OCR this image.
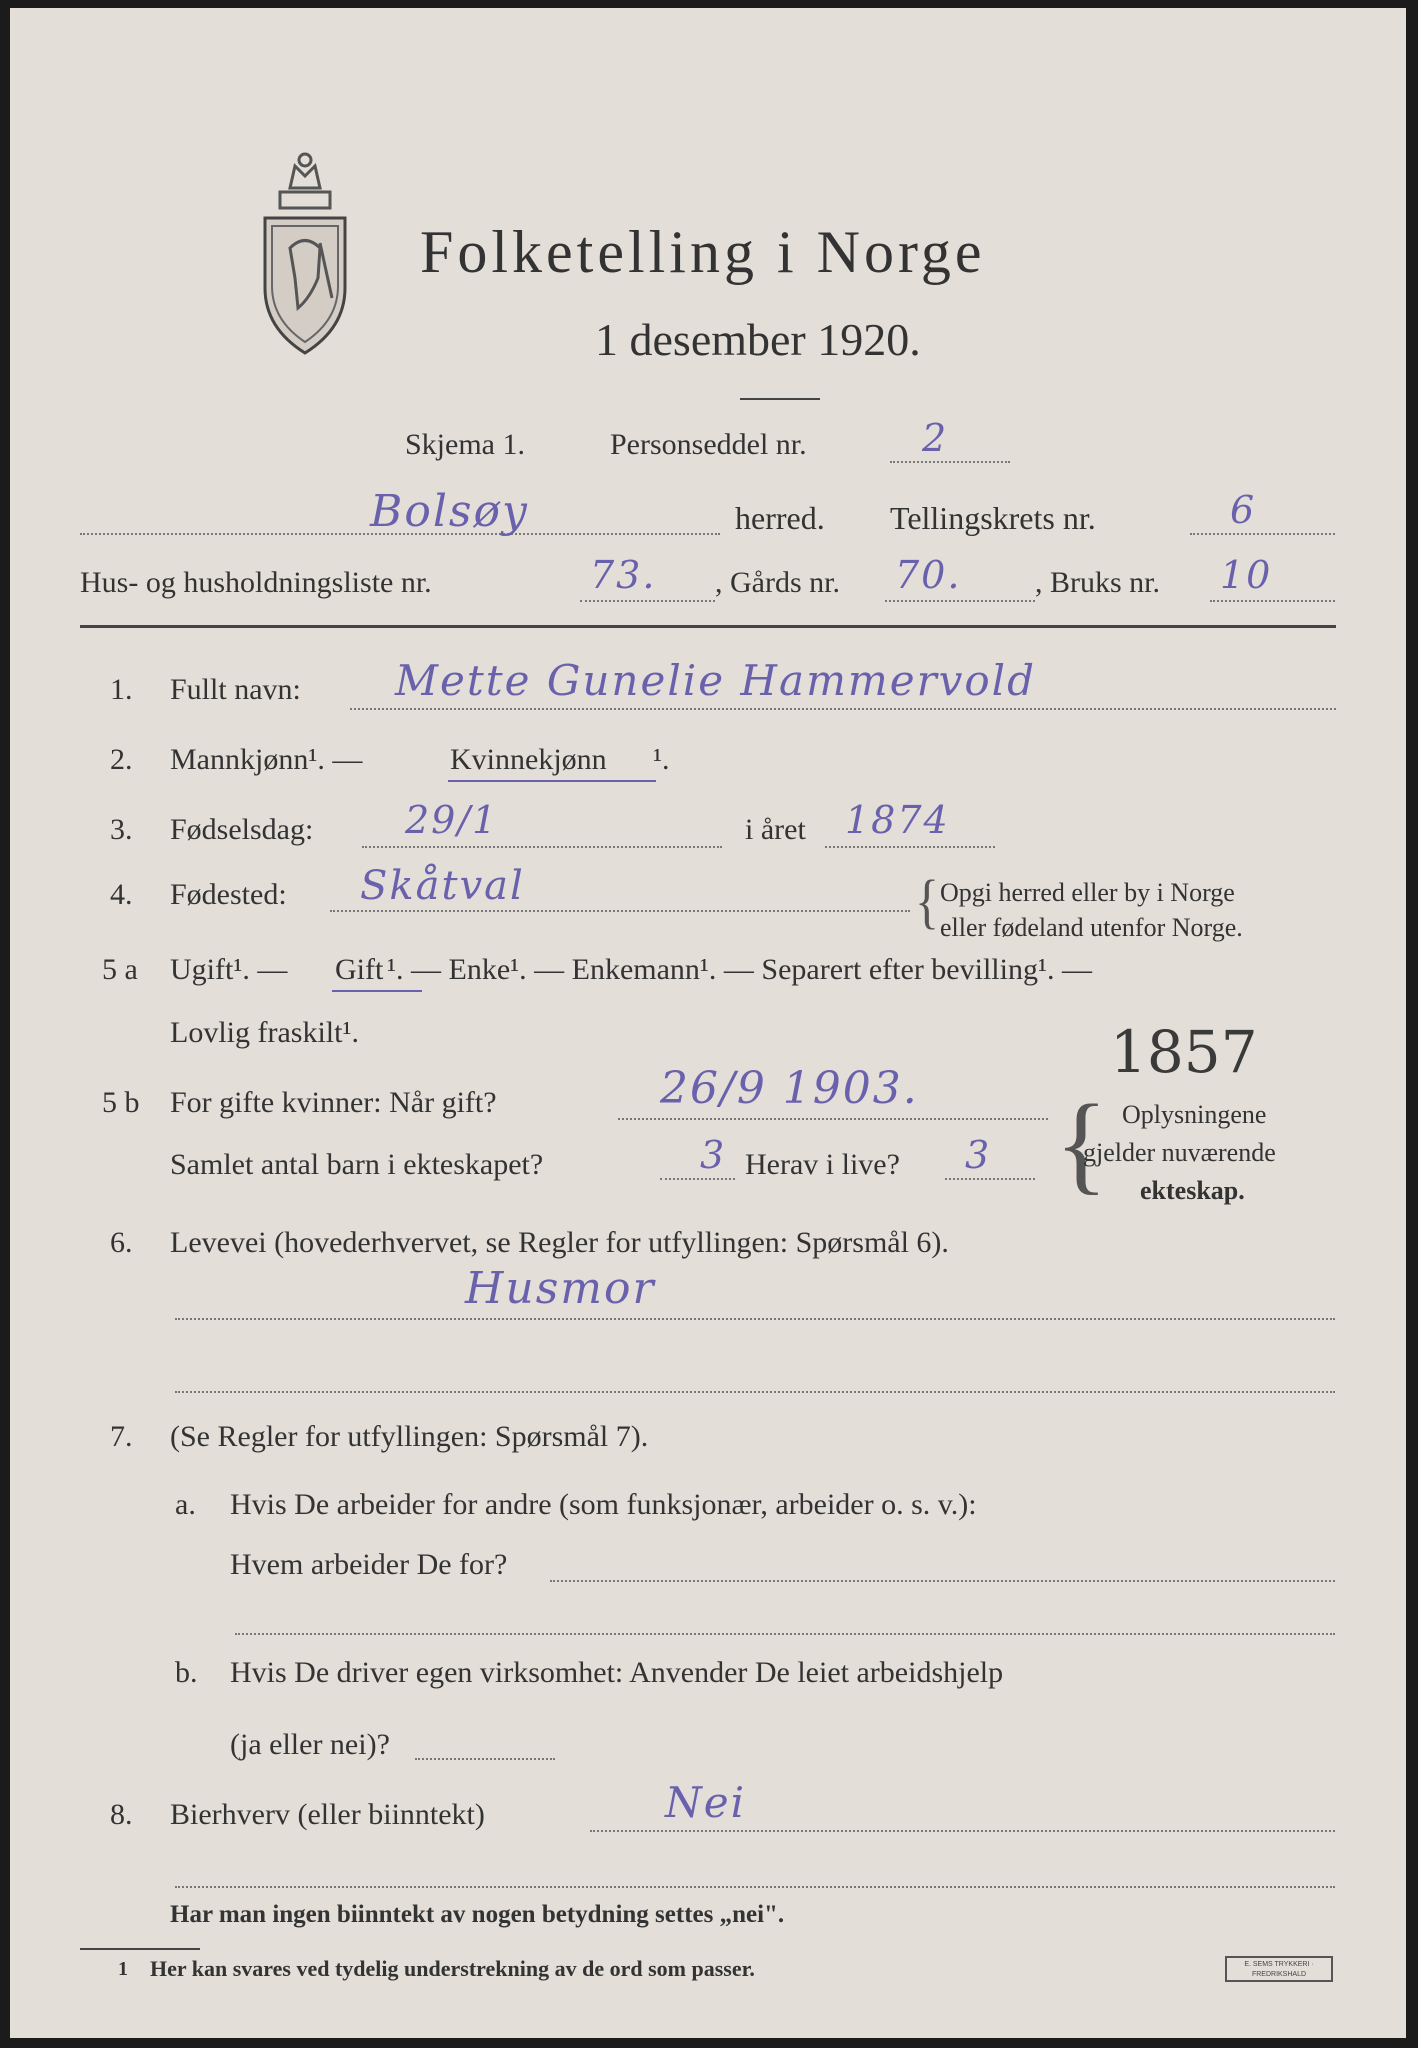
Folketelling i Norge
1 desember 1920.
Skjema 1.	Personseddel nr.	2
Bolsøy	herred. Tellingskrets nr.	6
Hus- og husholdningsliste nr.	73. , Gårds nr. 70. , Bruks nr. 10
1. Fullt navn: Mette Gunelie Hammervold
2. Mannkjønn¹. —	Kvinnekjønn ¹.
3. Fødselsdag: 29/1	i året 1874
4. Fødested: Skåtval	{ Opgi herred eller by i Norge
eller fødeland utenfor Norge.
5 a Ugift¹. — Gift ¹. — Enke¹. — Enkemann¹. — Separert efter bevilling¹. —
Lovlig fraskilt¹.
5 b For gifte kvinner: Når gift?	26/9 1903.
1857
Samlet antal barn i ekteskapet?	3 Herav i live? 3 { Oplysningene
gjelder nuværende
ekteskap.
6. Levevei (hovederhvervet, se Regler for utfyllingen: Spørsmål 6).
Husmor
7. (Se Regler for utfyllingen: Spørsmål 7).
a. Hvis De arbeider for andre (som funksjonær, arbeider o. s. v.):
Hvem arbeider De for?
b. Hvis De driver egen virksomhet: Anvender De leiet arbeidshjelp
(ja eller nei)?
8. Bierhverv (eller biinntekt)	Nei
Har man ingen biinntekt av nogen betydning settes „nei".
1 Her kan svares ved tydelig understrekning av de ord som passer.	E. SEMS TRYKKERI · FREDRIKSHALD
